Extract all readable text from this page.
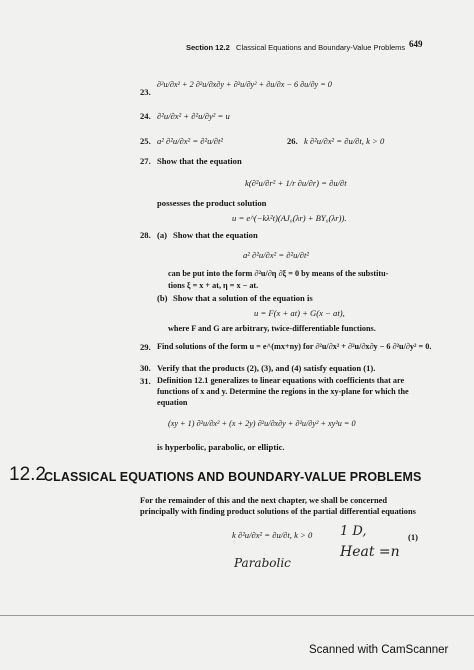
Section 12.2 Classical Equations and Boundary-Value Problems 649
23.
∂²u/∂x² + 2 ∂²u/∂x∂y + ∂²u/∂y² + ∂u/∂x − 6 ∂u/∂y = 0
24. ∂²u/∂x² + ∂²u/∂y² = u
25. a² ∂²u/∂x² = ∂²u/∂t²	26. k ∂²u/∂x² = ∂u/∂t, k > 0
27. Show that the equation
k(∂²u/∂r² + 1/r ∂u/∂r) = ∂u/∂t
possesses the product solution
u = e^(−kλ²t)(AJ₀(λr) + BY₀(λr)).
28. (a) Show that the equation
a² ∂²u/∂x² = ∂²u/∂t²
can be put into the form ∂²u/∂η ∂ξ = 0 by means of the substitu-
tions ξ = x + at, η = x − at.
(b) Show that a solution of the equation is
u = F(x + at) + G(x − at),
where F and G are arbitrary, twice-differentiable functions.
29. Find solutions of the form u = e^(mx+ny) for ∂²u/∂x² + ∂²u/∂x∂y − 6 ∂²u/∂y² = 0.
30. Verify that the products (2), (3), and (4) satisfy equation (1).
31. Definition 12.1 generalizes to linear equations with coefficients that are
functions of x and y. Determine the regions in the xy-plane for which the
equation
(xy + 1) ∂²u/∂x² + (x + 2y) ∂²u/∂x∂y + ∂²u/∂y² + xy²u = 0
is hyperbolic, parabolic, or elliptic.
12.2
CLASSICAL EQUATIONS AND BOUNDARY-VALUE PROBLEMS
For the remainder of this and the next chapter, we shall be concerned
principally with finding product solutions of the partial differential equations
k ∂²u/∂x² = ∂u/∂t, k > 0	(1)
1 D,
Heat =n
Parabolic
Scanned with CamScanner
